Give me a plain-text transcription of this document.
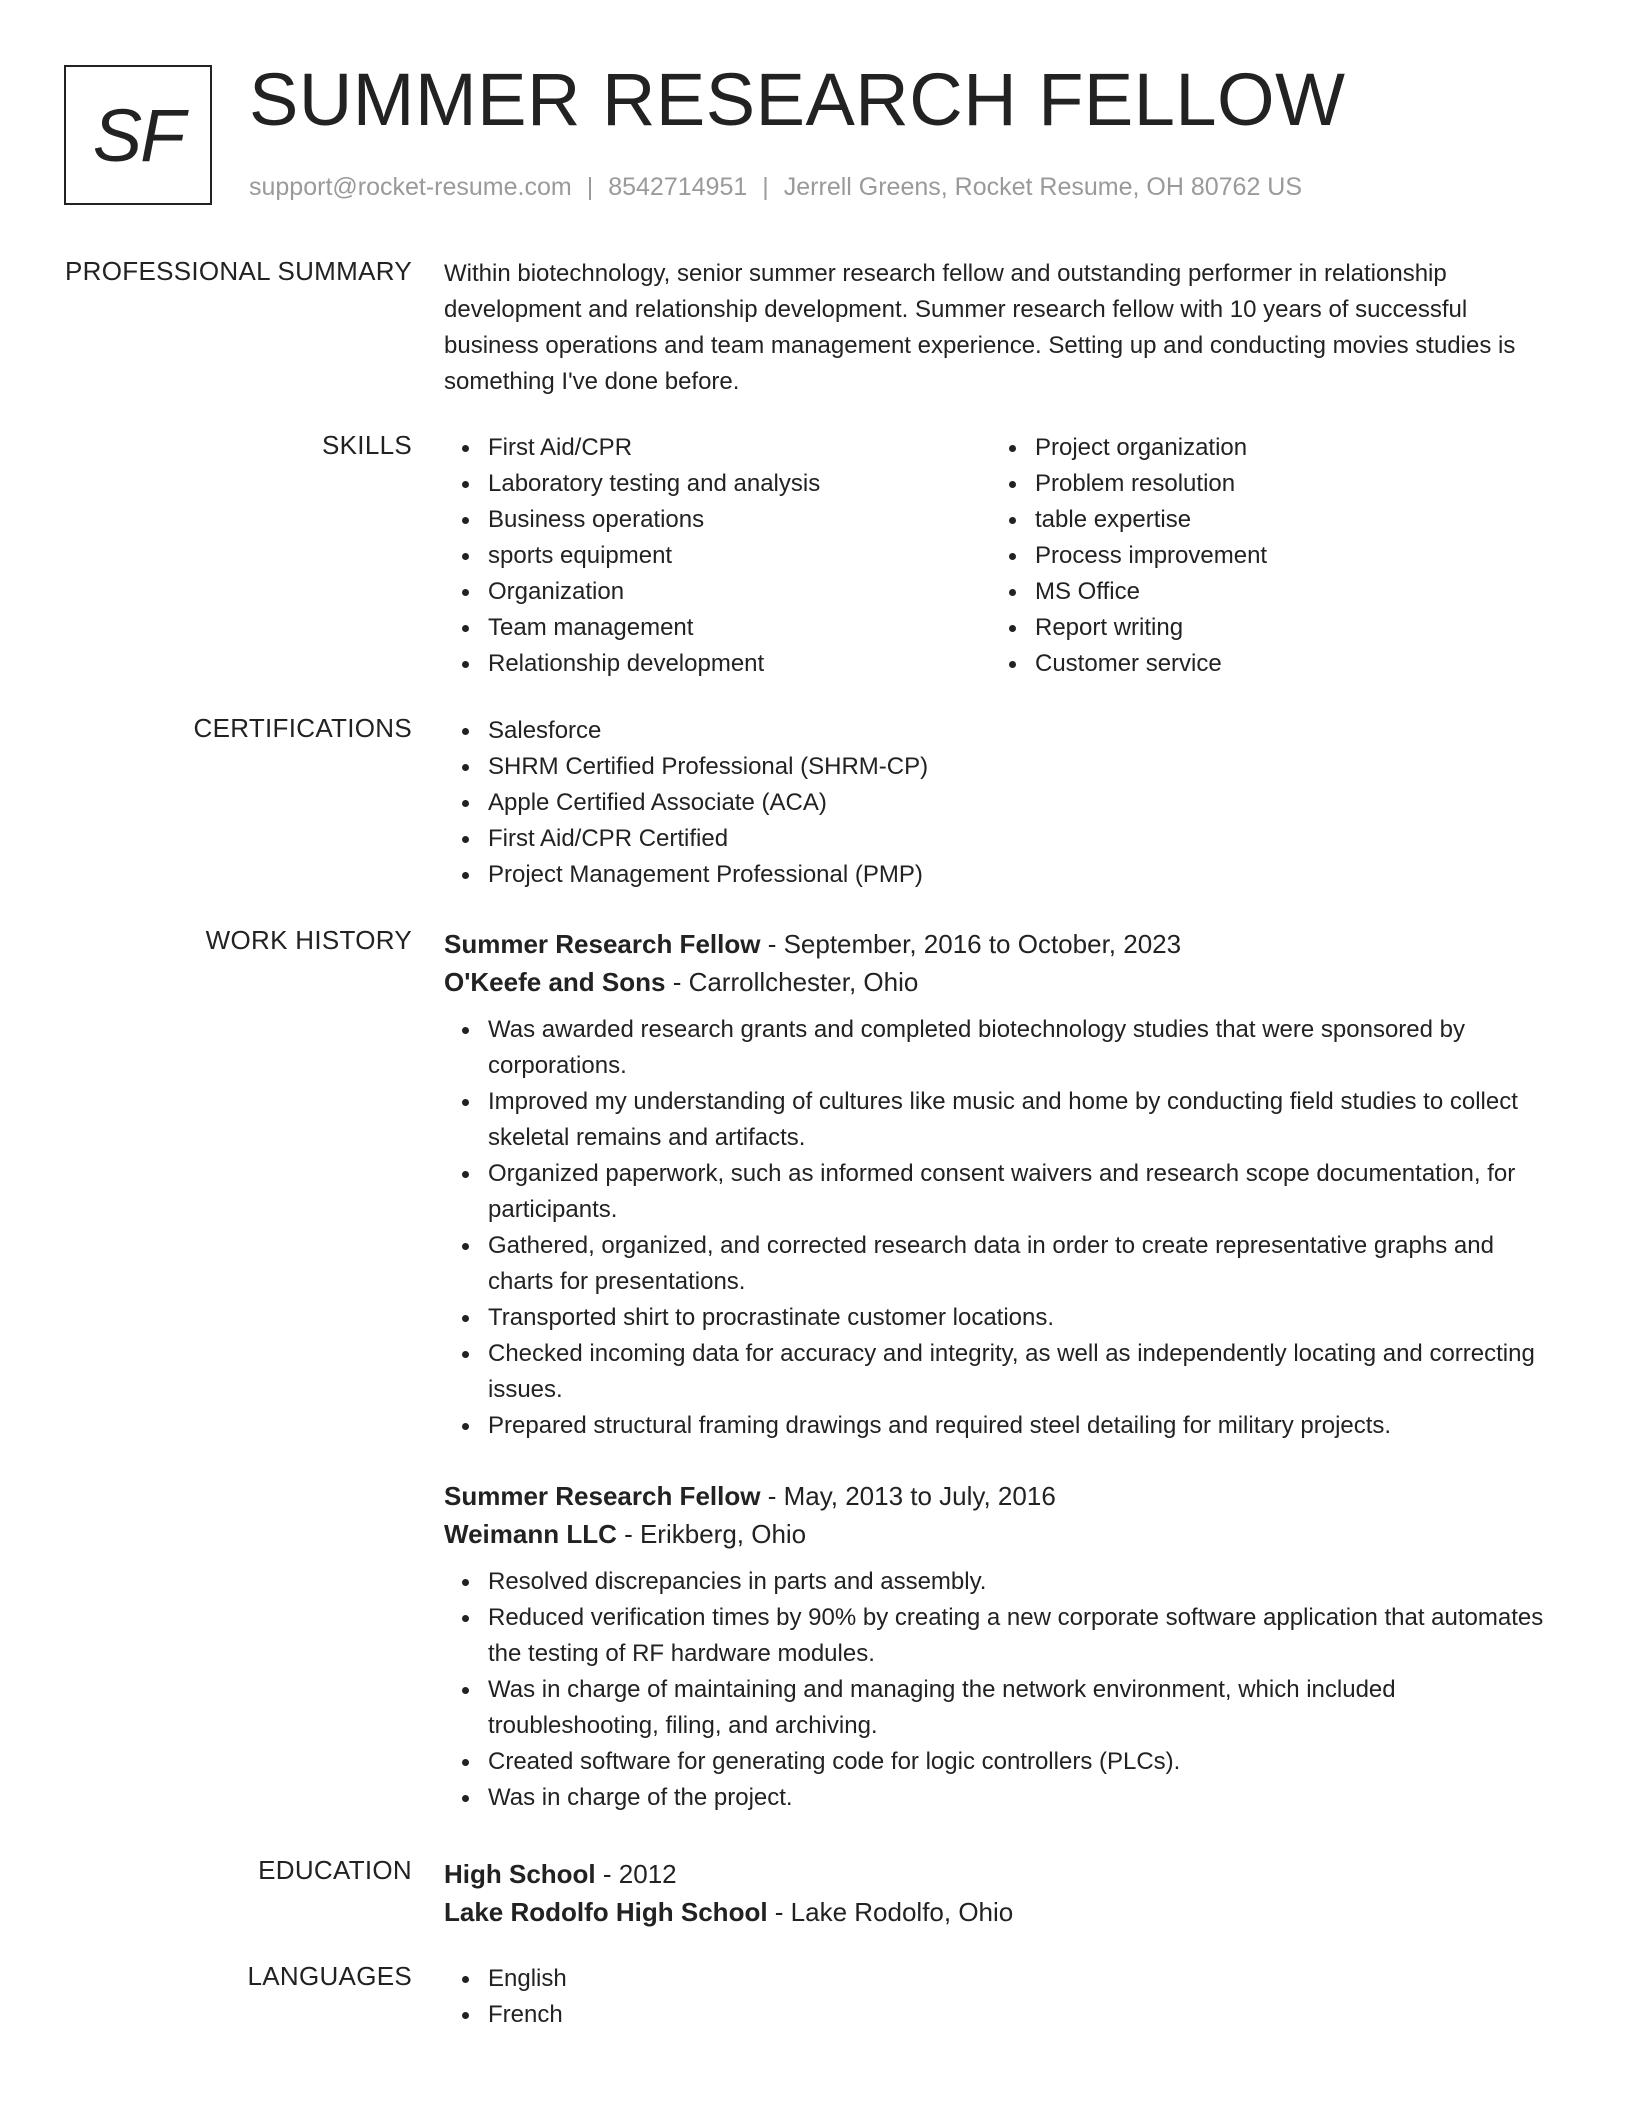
SF SUMMER RESEARCH FELLOW
support@rocket-resume.com | 8542714951 | Jerrell Greens, Rocket Resume, OH 80762 US
PROFESSIONAL SUMMARY Within biotechnology, senior summer research fellow and outstanding performer in relationship development and relationship development. Summer research fellow with 10 years of successful business operations and team management experience. Setting up and conducting movies studies is something I've done before.

SKILLS	First Aid/CPR
Laboratory testing and analysis
Business operations
sports equipment
Organization
Team management
Relationship development
Project organization
Problem resolution
table expertise
Process improvement
MS Office
Report writing
Customer service
CERTIFICATIONS	Salesforce
SHRM Certified Professional (SHRM-CP)
Apple Certified Associate (ACA)
First Aid/CPR Certified
Project Management Professional (PMP)
WORK HISTORY Summer Research Fellow - September, 2016 to October, 2023
O'Keefe and Sons - Carrollchester, Ohio
Was awarded research grants and completed biotechnology studies that were sponsored by corporations.
Improved my understanding of cultures like music and home by conducting field studies to collect skeletal remains and artifacts.
Organized paperwork, such as informed consent waivers and research scope documentation, for participants.
Gathered, organized, and corrected research data in order to create representative graphs and charts for presentations.
Transported shirt to procrastinate customer locations.
Checked incoming data for accuracy and integrity, as well as independently locating and correcting issues.
Prepared structural framing drawings and required steel detailing for military projects.
Summer Research Fellow - May, 2013 to July, 2016
Weimann LLC - Erikberg, Ohio
Resolved discrepancies in parts and assembly.
Reduced verification times by 90% by creating a new corporate software application that automates the testing of RF hardware modules.
Was in charge of maintaining and managing the network environment, which included troubleshooting, filing, and archiving.
Created software for generating code for logic controllers (PLCs).
Was in charge of the project.
EDUCATION High School - 2012
Lake Rodolfo High School - Lake Rodolfo, Ohio
LANGUAGES	English
French
